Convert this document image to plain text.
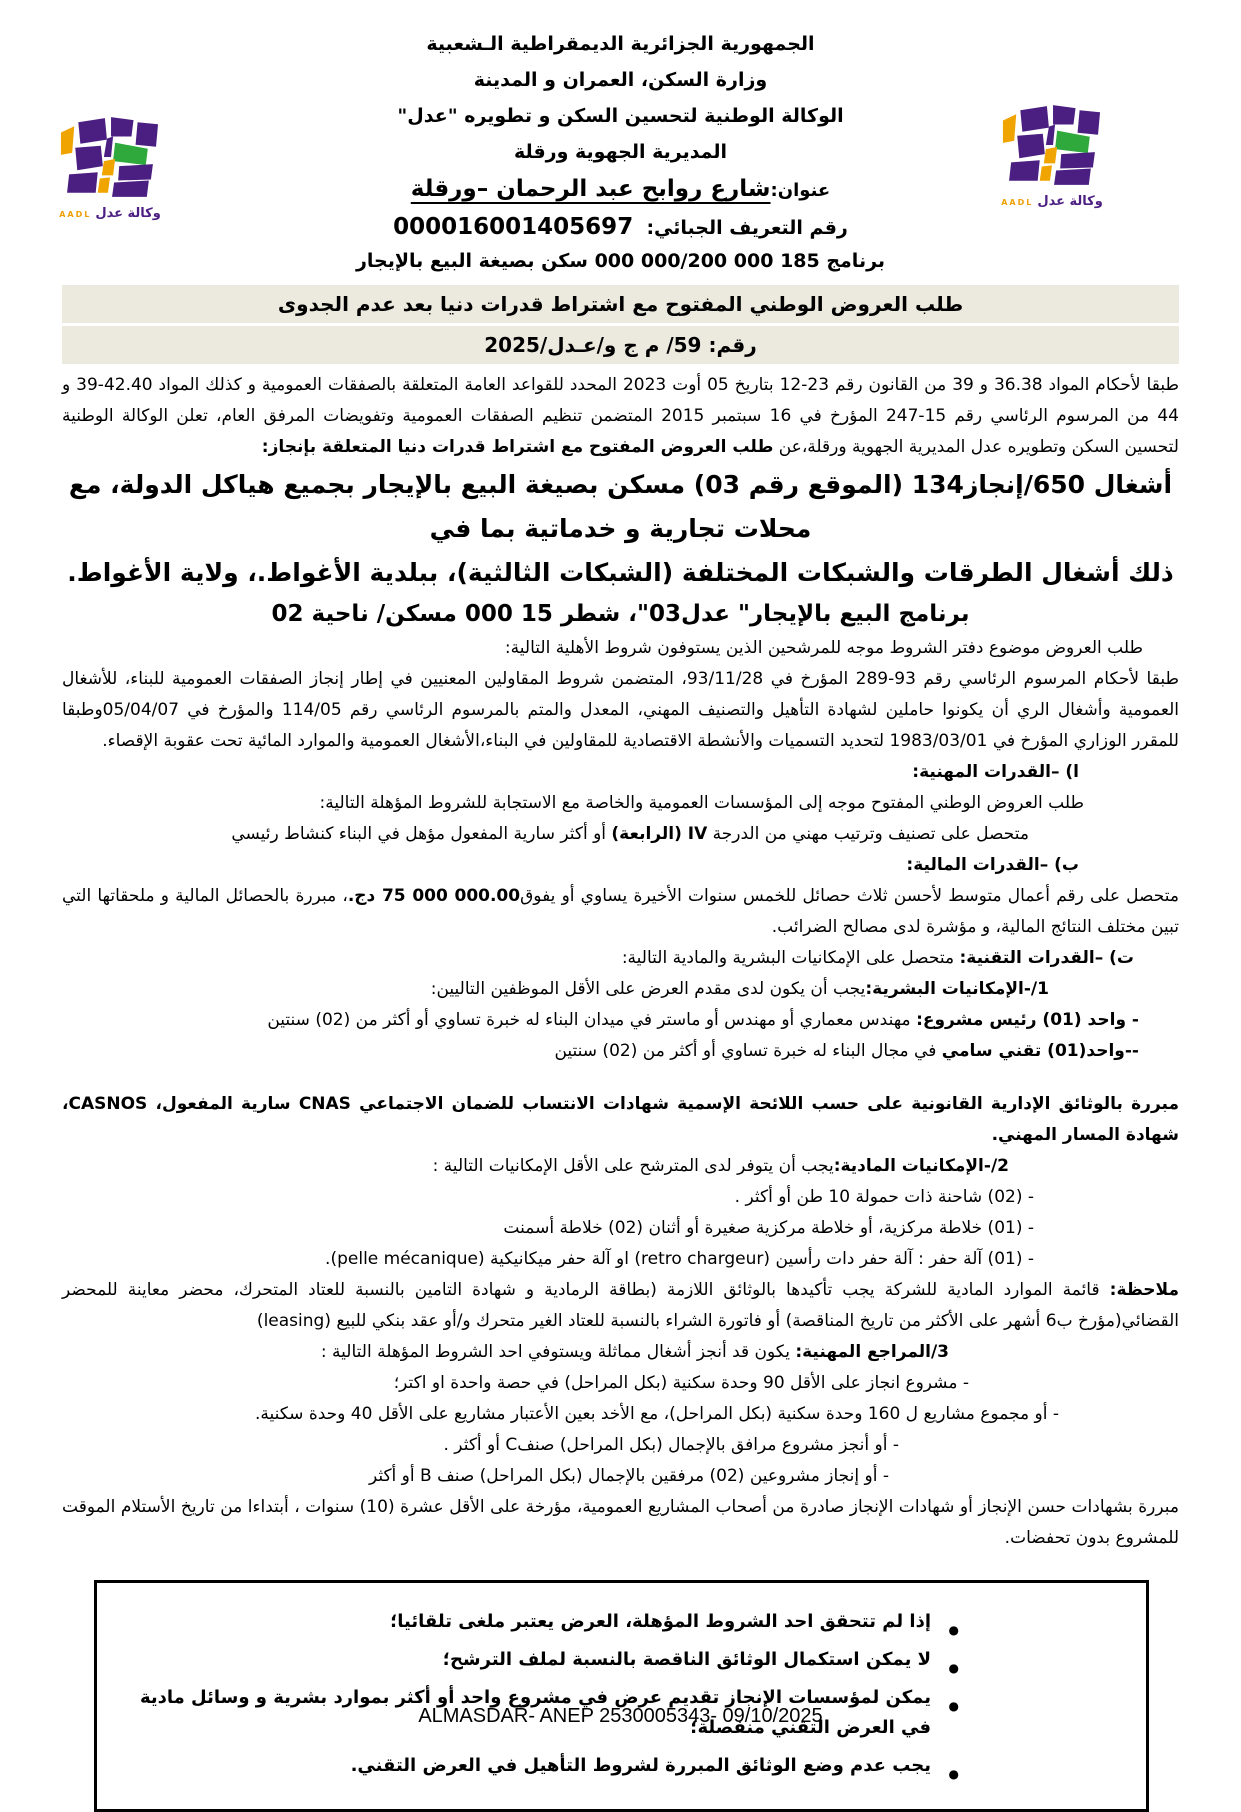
وكالة عدل
AADL
وكالة عدل
AADL
الجمهورية الجزائرية الديمقراطية الـشعبية
وزارة السكن، العمران و المدينة
الوكالة الوطنية لتحسين السكن و تطويره "عدل"
المديرية الجهوية ورقلة
عنوان:شارع روابح عبد الرحمان –ورقلة
رقم التعريف الجبائي:  000016001405697
برنامج 185 000 000/200 000 سكن بصيغة البيع بالإيجار
طلب العروض الوطني المفتوح مع اشتراط قدرات دنيا بعد عدم الجدوى
رقم: 59/ م ج و/عـدل/2025

طبقا لأحكام المواد 36.38 و 39 من القانون رقم 23-12 بتاريخ 05 أوت 2023 المحدد للقواعد العامة المتعلقة بالصفقات العمومية و كذلك المواد 42.40-39 و 44 من المرسوم الرئاسي رقم 15-247 المؤرخ في 16 سبتمبر 2015 المتضمن تنظيم الصفقات العمومية وتفويضات المرفق العام، تعلن الوكالة الوطنية لتحسين السكن وتطويره عدل المديرية الجهوية ورقلة،عن طلب العروض المفتوح مع اشتراط قدرات دنيا المتعلقة بإنجاز:

أشغال 650/إنجاز134 (الموقع رقم 03) مسكن بصيغة البيع بالإيجار بجميع هياكل الدولة، مع محلات تجارية و خدماتية بما في

ذلك أشغال الطرقات والشبكات المختلفة (الشبكات الثالثية)، ببلدية الأغواط.، ولاية الأغواط.

برنامج البيع بالإيجار" عدل03"، شطر 15 000 مسكن/ ناحية 02

طلب العروض موضوع دفتر الشروط موجه للمرشحين الذين يستوفون شروط الأهلية التالية:

طبقا لأحكام المرسوم الرئاسي رقم 93-289 المؤرخ في 93/11/28، المتضمن شروط المقاولين المعنيين في إطار إنجاز الصفقات العمومية للبناء، للأشغال العمومية وأشغال الري أن يكونوا حاملين لشهادة التأهيل والتصنيف المهني، المعدل والمتم بالمرسوم الرئاسي رقم 114/05 والمؤرخ في 05/04/07وطبقا للمقرر الوزاري المؤرخ في 1983/03/01 لتحديد التسميات والأنشطة الاقتصادية للمقاولين في البناء،الأشغال العمومية والموارد المائية تحت عقوبة الإقصاء.

ا) –القدرات المهنية:

طلب العروض الوطني المفتوح موجه إلى المؤسسات العمومية والخاصة مع الاستجابة للشروط المؤهلة التالية:

متحصل على تصنيف وترتيب مهني من الدرجة IV (الرابعة) أو أكثر سارية المفعول مؤهل في البناء كنشاط رئيسي

ب) –القدرات المالية:

متحصل على رقم أعمال متوسط لأحسن ثلاث حصائل للخمس سنوات الأخيرة يساوي أو يفوق75 000 000.00 دج.، مبررة بالحصائل المالية و ملحقاتها التي تبين مختلف النتائج المالية، و مؤشرة لدى مصالح الضرائب.

ت) –القدرات التقنية: متحصل على الإمكانيات البشرية والمادية التالية:

1/-الإمكانيات البشرية:يجب أن يكون لدى مقدم العرض على الأقل الموظفين التاليين:

- واحد (01) رئيس مشروع: مهندس معماري أو مهندس أو ماستر في ميدان البناء له خبرة تساوي أو أكثر من (02) سنتين

--واحد(01) تقني سامي في مجال البناء له خبرة تساوي أو أكثر من (02) سنتين

مبررة بالوثائق الإدارية القانونية على حسب اللائحة الإسمية شهادات الانتساب للضمان الاجتماعي CNAS سارية المفعول، CASNOS، شهادة المسار المهني.

2/-الإمكانيات المادية:يجب أن يتوفر لدى المترشح على الأقل الإمكانيات التالية :

- (02) شاحنة ذات حمولة 10 طن أو أكثر .

- (01) خلاطة مركزية، أو خلاطة مركزية صغيرة أو أثنان (02) خلاطة أسمنت

- (01) آلة حفر : آلة حفر دات رأسين (retro chargeur) او آلة حفر ميكانيكية (pelle mécanique).

ملاحظة: قائمة الموارد المادية للشركة يجب تأكيدها بالوثائق اللازمة (بطاقة الرمادية و شهادة التامين بالنسبة للعتاد المتحرك، محضر معاينة للمحضر القضائي(مؤرخ ب6 أشهر على الأكثر من تاريخ المناقصة) أو فاتورة الشراء بالنسبة للعتاد الغير متحرك و/أو عقد بنكي للبيع (leasing)

3/المراجع المهنية: يكون قد أنجز أشغال مماثلة ويستوفي احد الشروط المؤهلة التالية :

- مشروع انجاز على الأقل 90 وحدة سكنية (بكل المراحل) في حصة واحدة او اكتر؛

- أو مجموع مشاريع ل 160 وحدة سكنية (بكل المراحل)، مع الأخد بعين الأعتبار مشاريع على الأقل 40 وحدة سكنية.

- أو أنجز مشروع مرافق بالإجمال (بكل المراحل) صنفC أو أكثر .

- أو إنجاز مشروعين (02) مرفقين بالإجمال (بكل المراحل) صنف B أو أكثر

مبررة بشهادات حسن الإنجاز أو شهادات الإنجاز صادرة من أصحاب المشاريع العمومية، مؤرخة على الأقل عشرة (10) سنوات ، أبتداءا من تاريخ الأستلام الموقت للمشروع بدون تحفضات.

●
إذا لم تتحقق احد الشروط المؤهلة، العرض يعتبر ملغى تلقائيا؛
●
لا يمكن استكمال الوثائق الناقصة بالنسبة لملف الترشح؛
●
يمكن لمؤسسات الإنجاز تقديم عرض في مشروع واحد أو أكثر بموارد بشرية و وسائل مادية في العرض التقني منفصلة؛
●
يجب عدم وضع الوثائق المبررة لشروط التأهيل في العرض التقني.
ALMASDAR- ANEP 2530005343- 09/10/2025
